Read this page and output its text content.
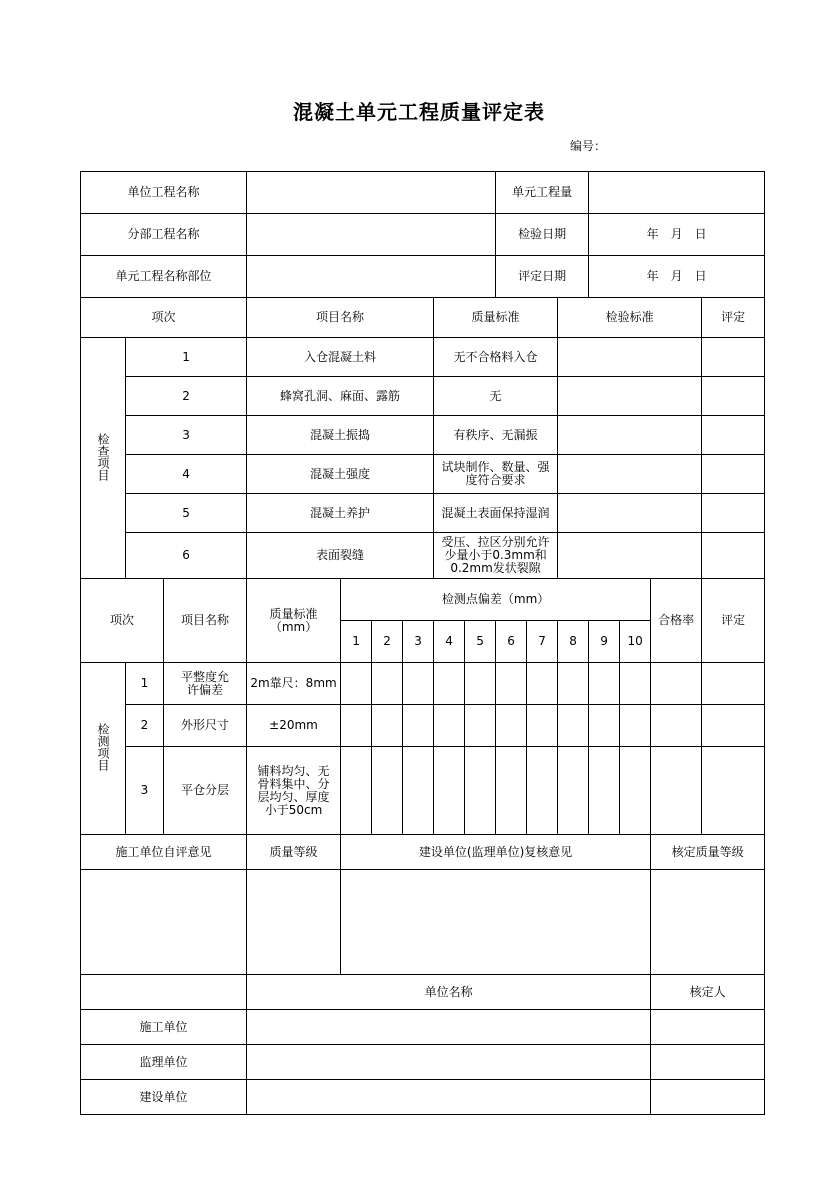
混凝土单元工程质量评定表
编号：
单位工程名称									单元工程量						
分部工程名称									检验日期			年　月　日			
单元工程名称部位									评定日期			年　月　日			
项次			项目名称				质量标准				检验标准				评定
检查项目	1		入仓混凝土料				无不合格料入仓								
	2		蜂窝孔洞、麻面、露筋				无								
	3		混凝土振捣				有秩序、无漏振								
	4		混凝土强度				试块制作、数量、强度符合要求								
	5		混凝土养护				混凝土表面保持湿润								
	6		表面裂缝				受压、拉区分别允许少量小于0.3mm和0.2mm发状裂隙								
项次		项目名称	质量标准（mm）	检测点偏差（mm）										合格率	评定
				1	2	3	4	5	6	7	8	9	10		
检测项目	1	平整度允许偏差	2m靠尺：8mm												
	2	外形尺寸	±20mm												
	3	平仓分层	铺料均匀、无骨料集中、分层均匀、厚度小于50cm												
施工单位自评意见			质量等级	建设单位(监理单位)复核意见										核定质量等级	

			单位名称											核定人	
施工单位															
监理单位															
建设单位															
